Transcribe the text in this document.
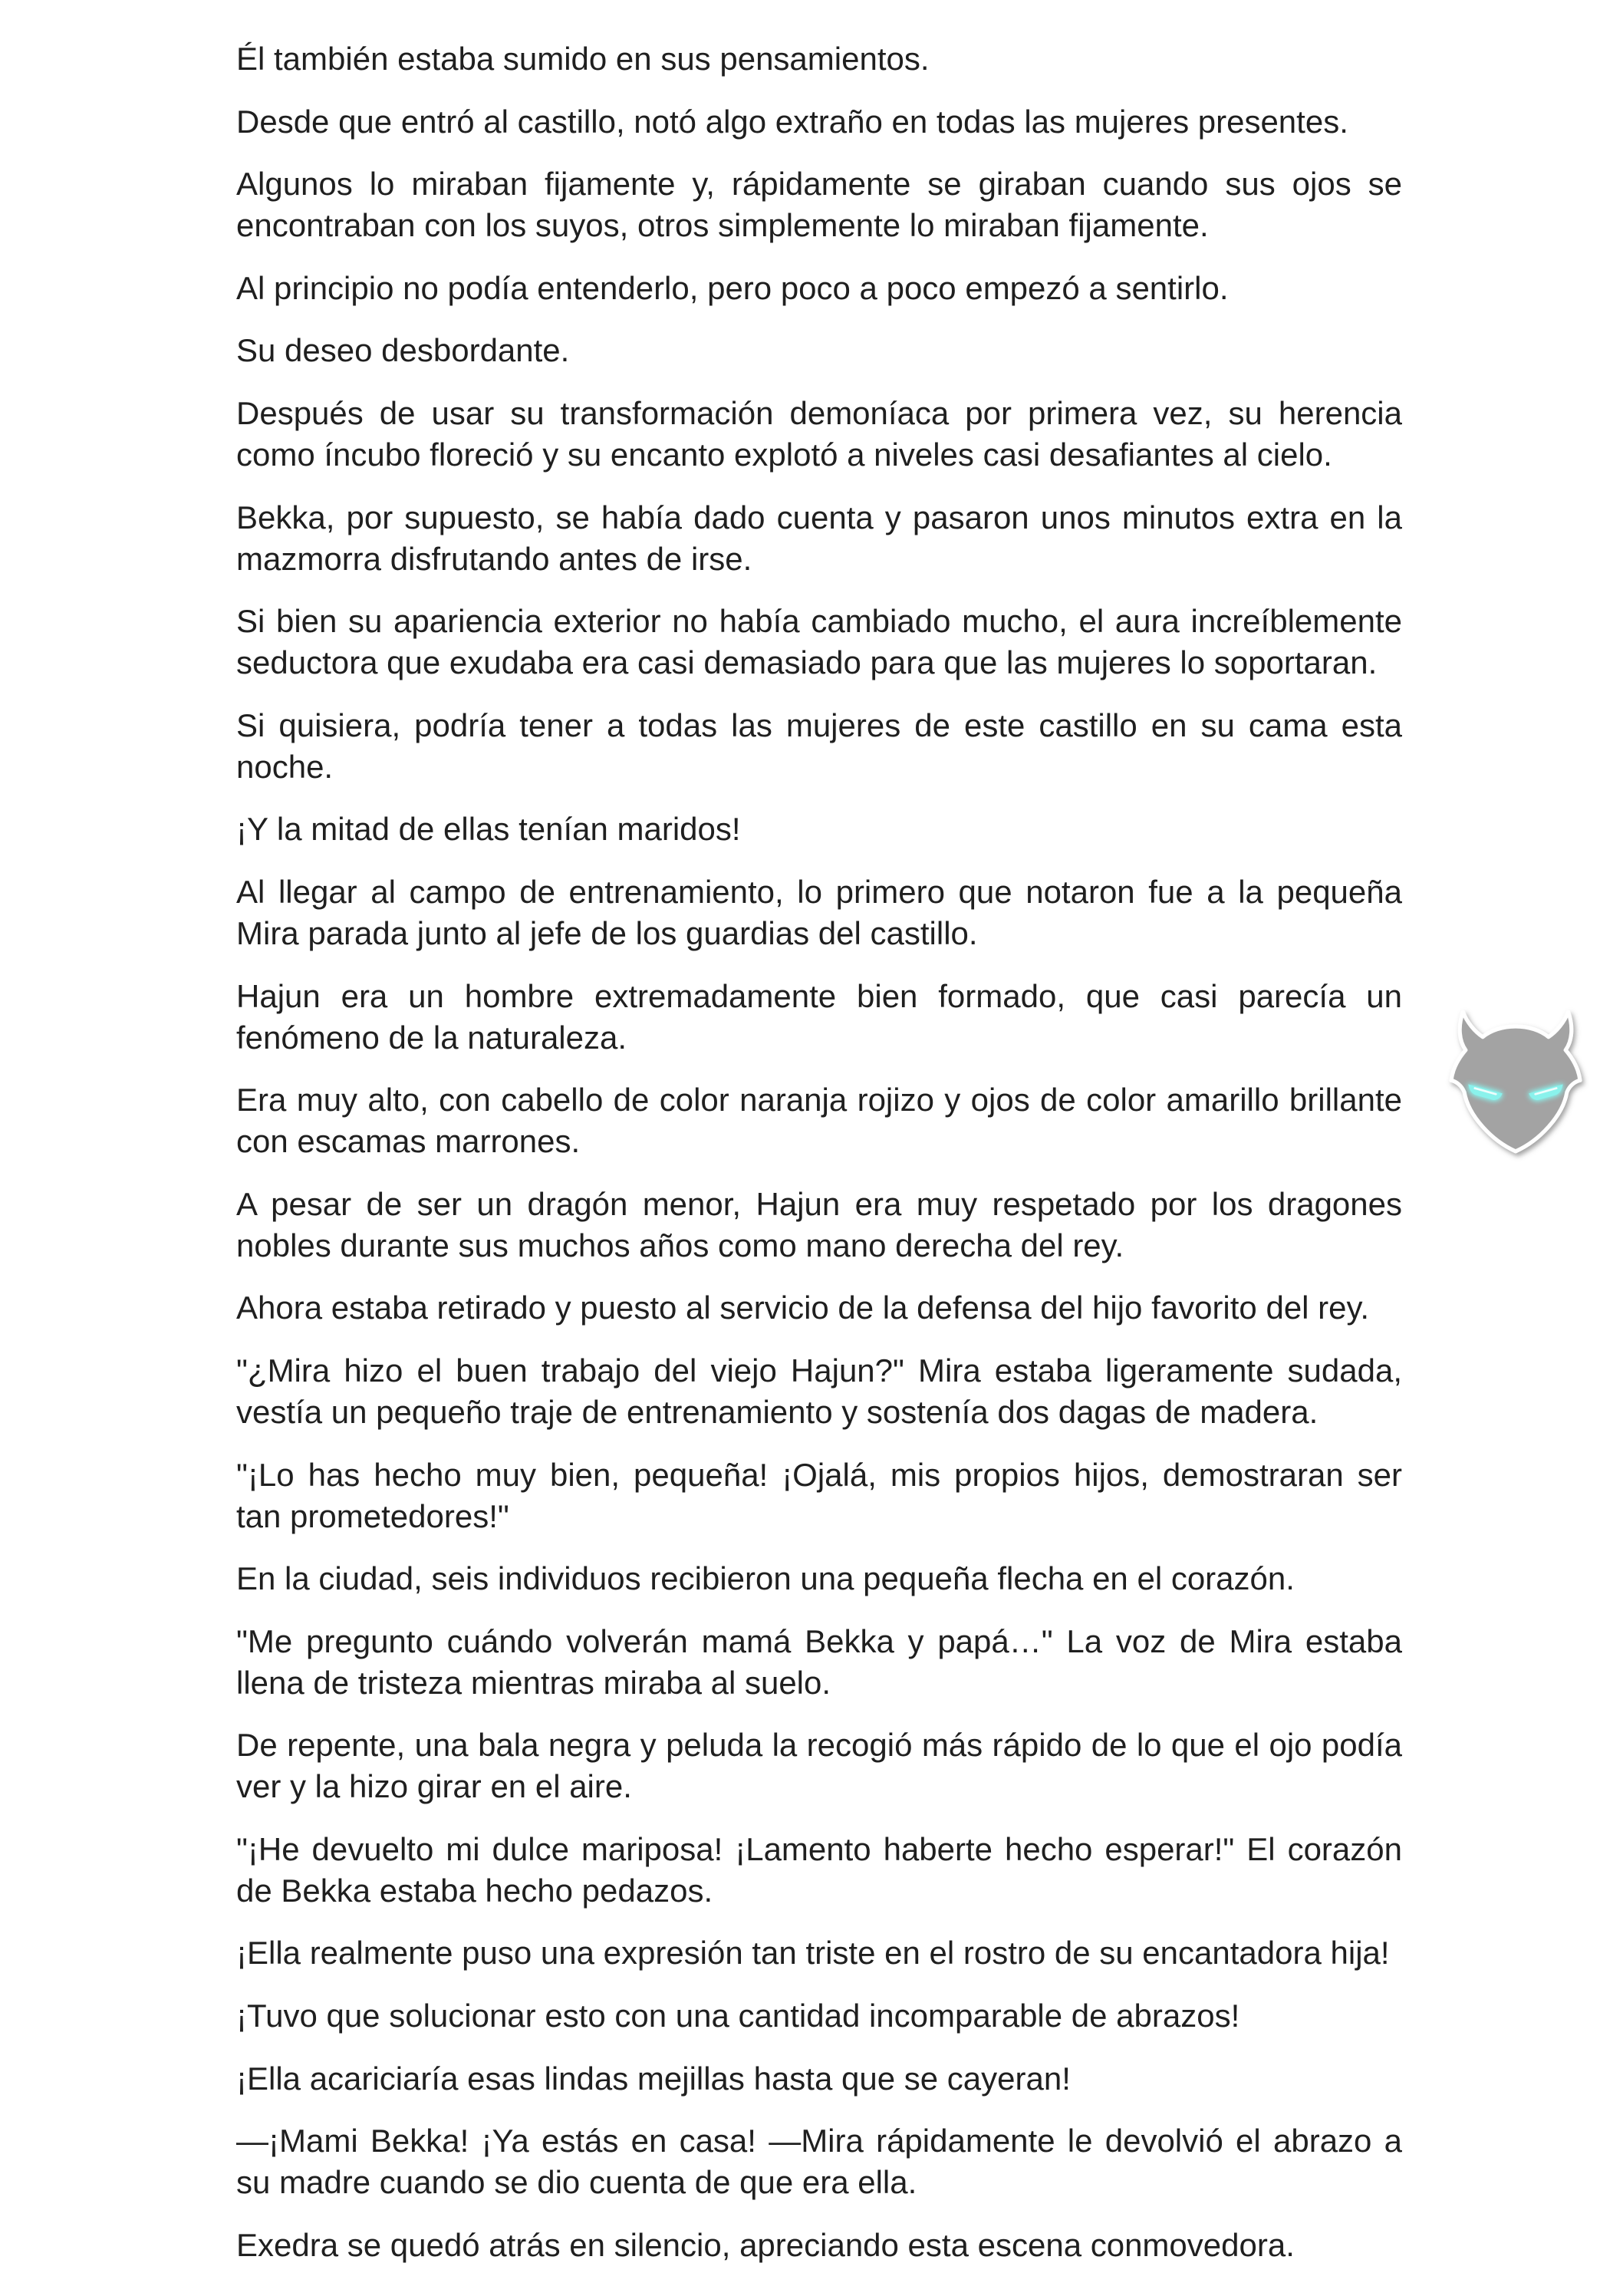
Él también estaba sumido en sus pensamientos.

Desde que entró al castillo, notó algo extraño en todas las mujeres presentes.

Algunos lo miraban fijamente y, rápidamente se giraban cuando sus ojos se
encontraban con los suyos, otros simplemente lo miraban fijamente.

Al principio no podía entenderlo, pero poco a poco empezó a sentirlo.

Su deseo desbordante.

Después de usar su transformación demoníaca por primera vez, su herencia
como íncubo floreció y su encanto explotó a niveles casi desafiantes al cielo.

Bekka, por supuesto, se había dado cuenta y pasaron unos minutos extra en la
mazmorra disfrutando antes de irse.

Si bien su apariencia exterior no había cambiado mucho, el aura increíblemente
seductora que exudaba era casi demasiado para que las mujeres lo soportaran.

Si quisiera, podría tener a todas las mujeres de este castillo en su cama esta
noche.

¡Y la mitad de ellas tenían maridos!

Al llegar al campo de entrenamiento, lo primero que notaron fue a la pequeña
Mira parada junto al jefe de los guardias del castillo.

Hajun era un hombre extremadamente bien formado, que casi parecía un
fenómeno de la naturaleza.

Era muy alto, con cabello de color naranja rojizo y ojos de color amarillo brillante
con escamas marrones.

A pesar de ser un dragón menor, Hajun era muy respetado por los dragones
nobles durante sus muchos años como mano derecha del rey.

Ahora estaba retirado y puesto al servicio de la defensa del hijo favorito del rey.

"¿Mira hizo el buen trabajo del viejo Hajun?" Mira estaba ligeramente sudada,
vestía un pequeño traje de entrenamiento y sostenía dos dagas de madera.

"¡Lo has hecho muy bien, pequeña! ¡Ojalá, mis propios hijos, demostraran ser
tan prometedores!"

En la ciudad, seis individuos recibieron una pequeña flecha en el corazón.

"Me pregunto cuándo volverán mamá Bekka y papá…" La voz de Mira estaba
llena de tristeza mientras miraba al suelo.

De repente, una bala negra y peluda la recogió más rápido de lo que el ojo podía
ver y la hizo girar en el aire.

"¡He devuelto mi dulce mariposa! ¡Lamento haberte hecho esperar!" El corazón
de Bekka estaba hecho pedazos.

¡Ella realmente puso una expresión tan triste en el rostro de su encantadora hija!

¡Tuvo que solucionar esto con una cantidad incomparable de abrazos!

¡Ella acariciaría esas lindas mejillas hasta que se cayeran!

—¡Mami Bekka! ¡Ya estás en casa! —Mira rápidamente le devolvió el abrazo a
su madre cuando se dio cuenta de que era ella.

Exedra se quedó atrás en silencio, apreciando esta escena conmovedora.
